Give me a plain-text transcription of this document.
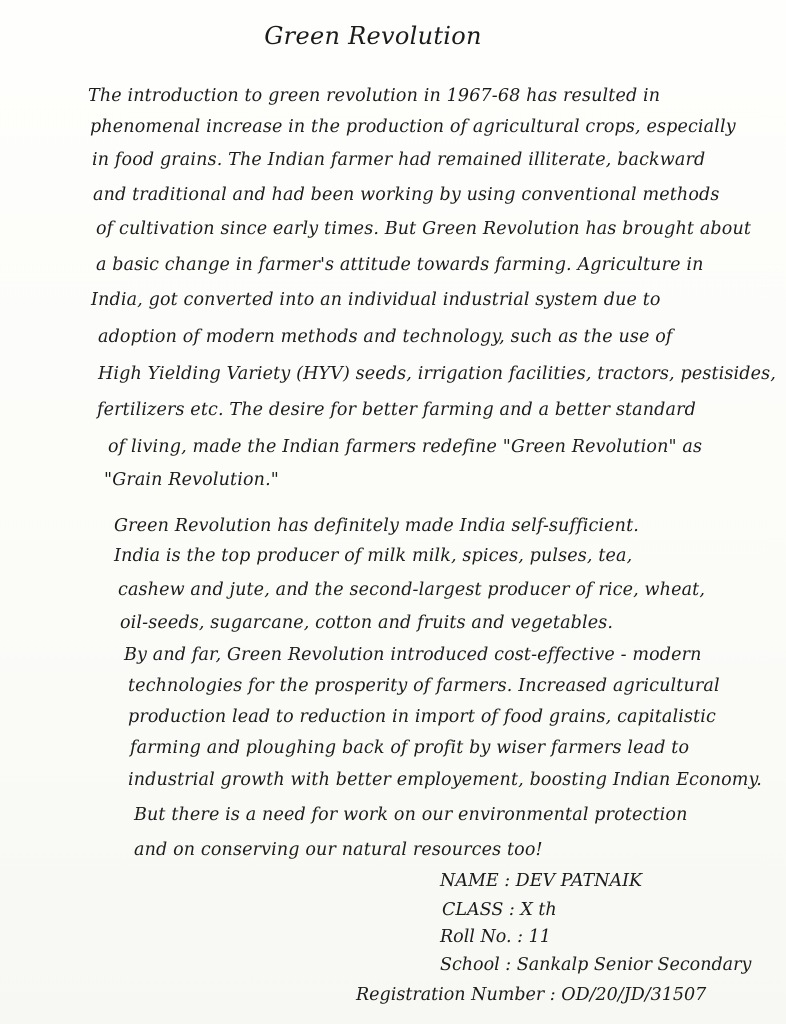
Green Revolution
The introduction to green revolution in 1967-68 has resulted in
phenomenal increase in the production of agricultural crops, especially
in food grains. The Indian farmer had remained illiterate, backward
and traditional and had been working by using conventional methods
of cultivation since early times. But Green Revolution has brought about
a basic change in farmer's attitude towards farming. Agriculture in
India, got converted into an individual industrial system due to
adoption of modern methods and technology, such as the use of
High Yielding Variety (HYV) seeds, irrigation facilities, tractors, pestisides,
fertilizers etc. The desire for better farming and a better standard
of living, made the Indian farmers redefine "Green Revolution" as
"Grain Revolution."
Green Revolution has definitely made India self-sufficient.
India is the top producer of milk milk, spices, pulses, tea,
cashew and jute, and the second-largest producer of rice, wheat,
oil-seeds, sugarcane, cotton and fruits and vegetables.
By and far, Green Revolution introduced cost-effective - modern
technologies for the prosperity of farmers. Increased agricultural
production lead to reduction in import of food grains, capitalistic
farming and ploughing back of profit by wiser farmers lead to
industrial growth with better employement, boosting Indian Economy.
But there is a need for work on our environmental protection
and on conserving our natural resources too!
NAME : DEV PATNAIK
CLASS : X th
Roll No. : 11
School : Sankalp Senior Secondary
Registration Number : OD/20/JD/31507
